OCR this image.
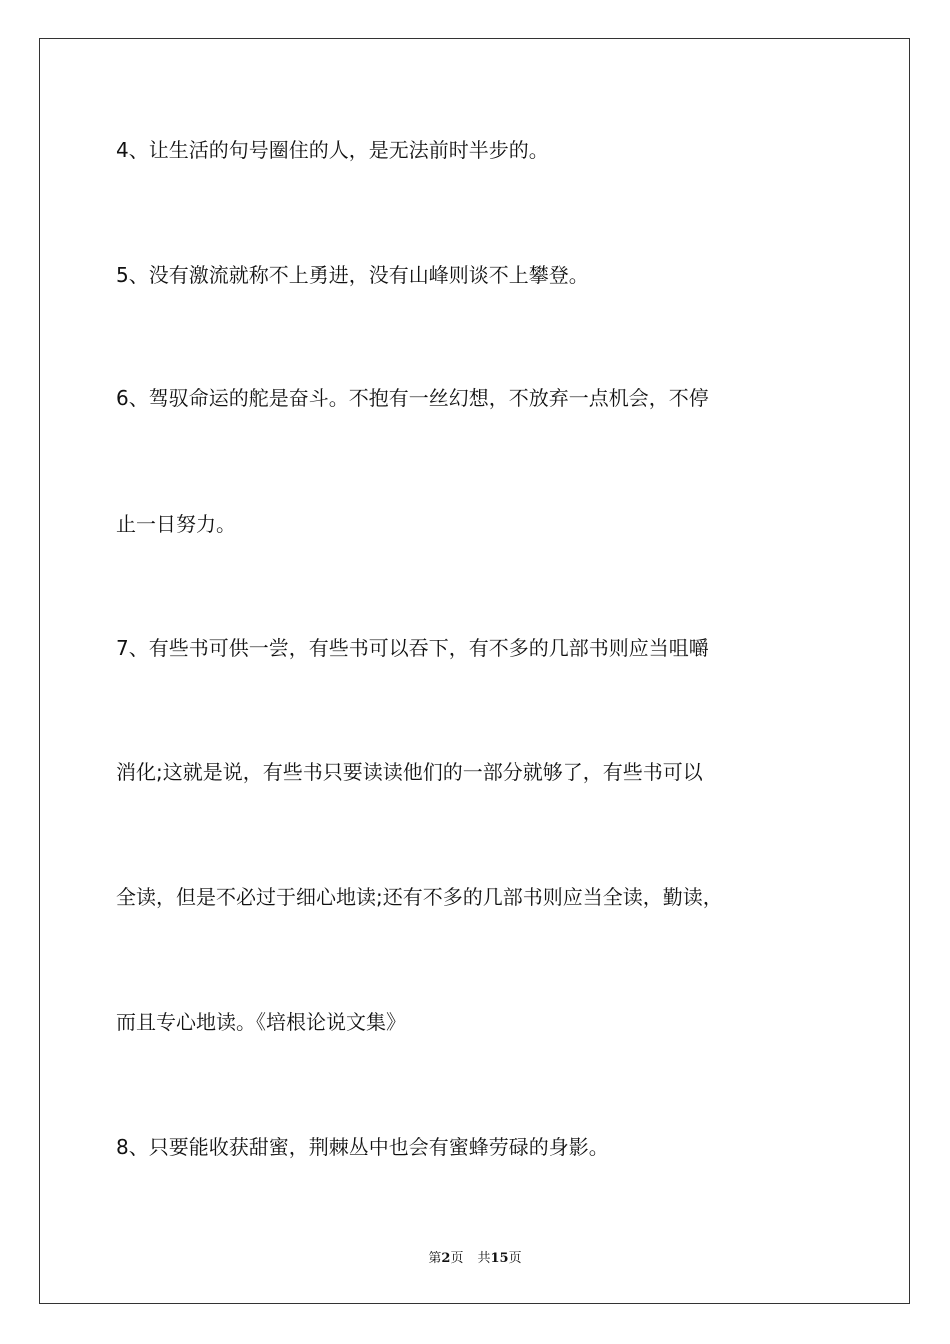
4、让生活的句号圈住的人，是无法前时半步的。
5、没有激流就称不上勇进，没有山峰则谈不上攀登。
6、驾驭命运的舵是奋斗。不抱有一丝幻想，不放弃一点机会，不停
止一日努力。
7、有些书可供一尝，有些书可以吞下，有不多的几部书则应当咀嚼
消化;这就是说，有些书只要读读他们的一部分就够了，有些书可以
全读，但是不必过于细心地读;还有不多的几部书则应当全读，勤读，
而且专心地读。《培根论说文集》
8、只要能收获甜蜜，荆棘丛中也会有蜜蜂劳碌的身影。
第2页 共15页
